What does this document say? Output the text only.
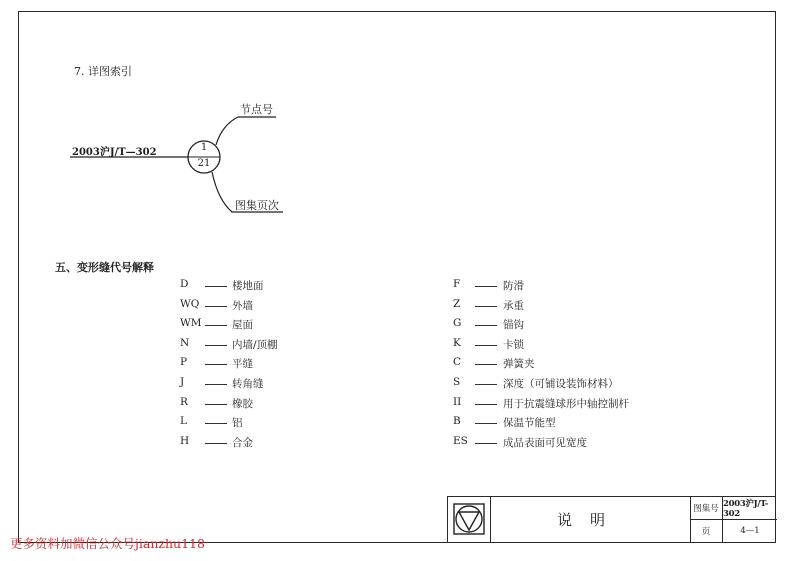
7. 详图索引
节点号
2003沪J/T—302
图集页次
1
21
五、变形缝代号解释
D	楼地面
WQ	外墙
WM	屋面
N	内墙/顶棚
P	平缝
J	转角缝
R	橡胶
L	铝
H	合金
F	防滑
Z	承重
G	锚钩
K	卡锁
C	弹簧夹
S	深度（可铺设装饰材料）
II	用于抗震缝球形中轴控制杆
B	保温节能型
ES	成品表面可见宽度
说明
图集号 2003沪J/T-302
页	4—1
更多资料加微信公众号jianzhu118
